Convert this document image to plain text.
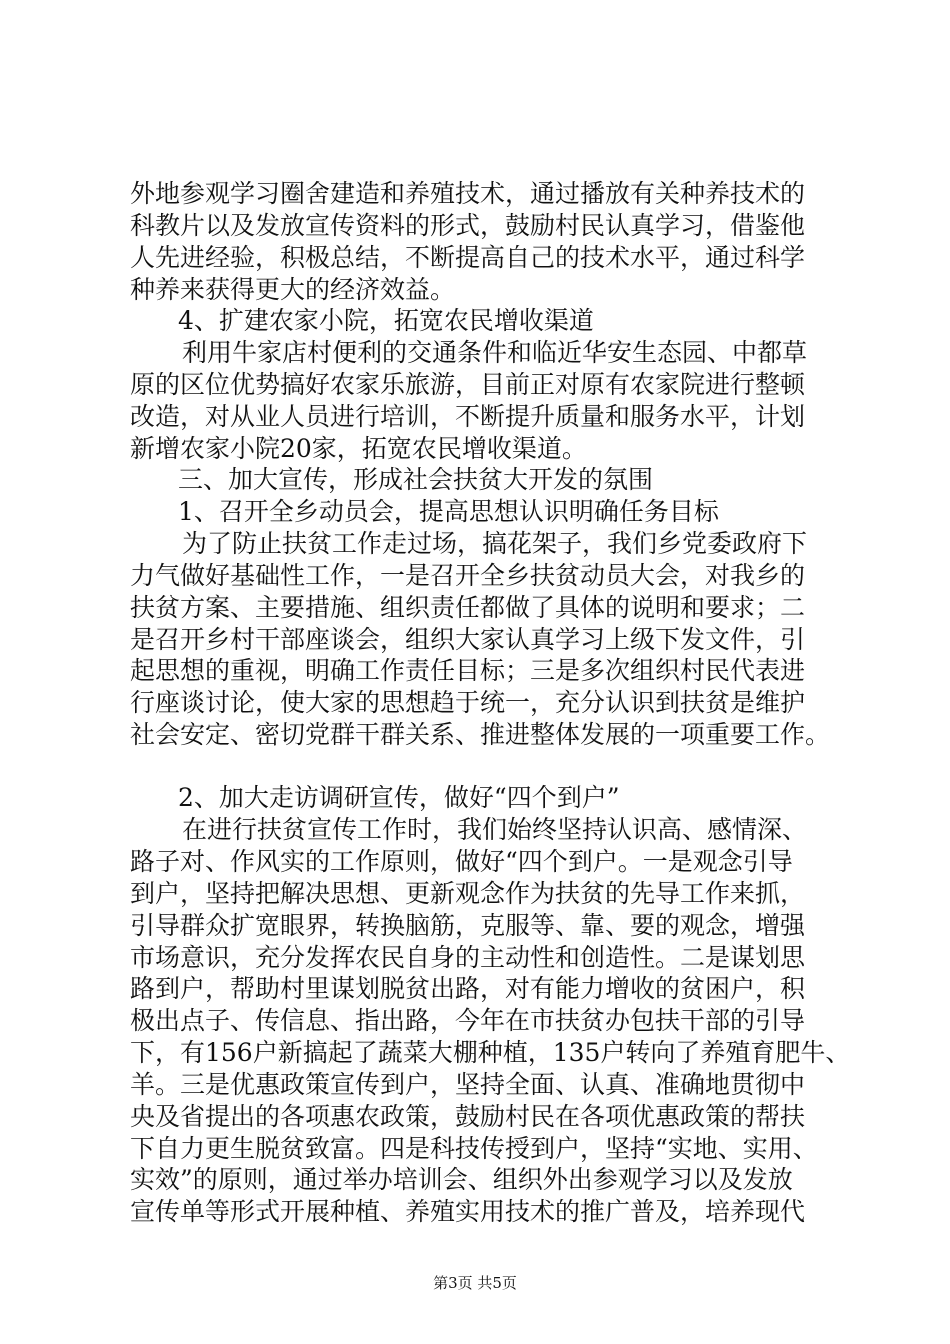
外地参观学习圈舍建造和养殖技术，通过播放有关种养技术的
科教片以及发放宣传资料的形式，鼓励村民认真学习，借鉴他
人先进经验，积极总结，不断提高自己的技术水平，通过科学
种养来获得更大的经济效益。
4、扩建农家小院，拓宽农民增收渠道
利用牛家店村便利的交通条件和临近华安生态园、中都草
原的区位优势搞好农家乐旅游，目前正对原有农家院进行整顿
改造，对从业人员进行培训，不断提升质量和服务水平，计划
新增农家小院20家，拓宽农民增收渠道。
三、加大宣传，形成社会扶贫大开发的氛围
1、召开全乡动员会，提高思想认识明确任务目标
为了防止扶贫工作走过场，搞花架子，我们乡党委政府下
力气做好基础性工作，一是召开全乡扶贫动员大会，对我乡的
扶贫方案、主要措施、组织责任都做了具体的说明和要求；二
是召开乡村干部座谈会，组织大家认真学习上级下发文件，引
起思想的重视，明确工作责任目标；三是多次组织村民代表进
行座谈讨论，使大家的思想趋于统一，充分认识到扶贫是维护
社会安定、密切党群干群关系、推进整体发展的一项重要工作。
2、加大走访调研宣传，做好“四个到户”
在进行扶贫宣传工作时，我们始终坚持认识高、感情深、
路子对、作风实的工作原则，做好“四个到户。一是观念引导
到户，坚持把解决思想、更新观念作为扶贫的先导工作来抓，
引导群众扩宽眼界，转换脑筋，克服等、靠、要的观念，增强
市场意识，充分发挥农民自身的主动性和创造性。二是谋划思
路到户，帮助村里谋划脱贫出路，对有能力增收的贫困户，积
极出点子、传信息、指出路，今年在市扶贫办包扶干部的引导
下，有156户新搞起了蔬菜大棚种植，135户转向了养殖育肥牛、
羊。三是优惠政策宣传到户，坚持全面、认真、准确地贯彻中
央及省提出的各项惠农政策，鼓励村民在各项优惠政策的帮扶
下自力更生脱贫致富。四是科技传授到户，坚持“实地、实用、
实效”的原则，通过举办培训会、组织外出参观学习以及发放
宣传单等形式开展种植、养殖实用技术的推广普及，培养现代
第3页 共5页
